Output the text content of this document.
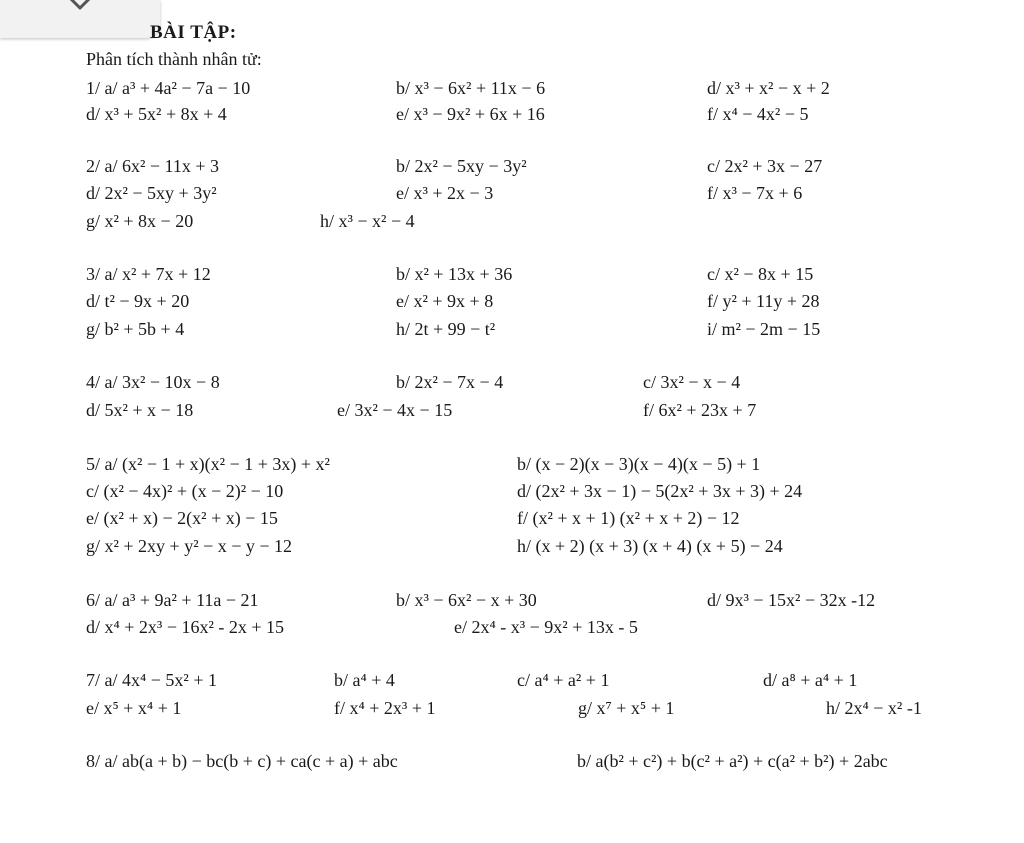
BÀI TẬP:
Phân tích thành nhân tử:
1/ a/ a³ + 4a² − 7a − 10	b/ x³ − 6x² + 11x − 6	d/ x³ + x² − x + 2
d/ x³ + 5x² + 8x + 4	e/ x³ − 9x² + 6x + 16	f/ x⁴ − 4x² − 5
2/ a/ 6x² − 11x + 3	b/ 2x² − 5xy − 3y²	c/ 2x² + 3x − 27
d/ 2x² − 5xy + 3y²	e/ x³ + 2x − 3	f/ x³ − 7x + 6
g/ x² + 8x − 20	h/ x³ − x² − 4
3/ a/ x² + 7x + 12	b/ x² + 13x + 36	c/ x² − 8x + 15
d/ t² − 9x + 20	e/ x² + 9x + 8	f/ y² + 11y + 28
g/ b² + 5b + 4	h/ 2t + 99 − t²	i/ m² − 2m − 15
4/ a/ 3x² − 10x − 8	b/ 2x² − 7x − 4	c/ 3x² − x − 4
d/ 5x² + x − 18	e/ 3x² − 4x − 15	f/ 6x² + 23x + 7
5/ a/ (x² − 1 + x)(x² − 1 + 3x) + x²	b/ (x − 2)(x − 3)(x − 4)(x − 5) + 1
c/ (x² − 4x)² + (x − 2)² − 10	d/ (2x² + 3x − 1) − 5(2x² + 3x + 3) + 24
e/ (x² + x) − 2(x² + x) − 15	f/ (x² + x + 1) (x² + x + 2) − 12
g/ x² + 2xy + y² − x − y − 12	h/ (x + 2) (x + 3) (x + 4) (x + 5) − 24
6/ a/ a³ + 9a² + 11a − 21	b/ x³ − 6x² − x + 30	d/ 9x³ − 15x² − 32x -12
d/ x⁴ + 2x³ − 16x² - 2x + 15	e/ 2x⁴ - x³ − 9x² + 13x - 5
7/ a/ 4x⁴ − 5x² + 1	b/ a⁴ + 4	c/ a⁴ + a² + 1	d/ a⁸ + a⁴ + 1
e/ x⁵ + x⁴ + 1	f/ x⁴ + 2x³ + 1	g/ x⁷ + x⁵ + 1	h/ 2x⁴ − x² -1
8/ a/ ab(a + b) − bc(b + c) + ca(c + a) + abc	b/ a(b² + c²) + b(c² + a²) + c(a² + b²) + 2abc
